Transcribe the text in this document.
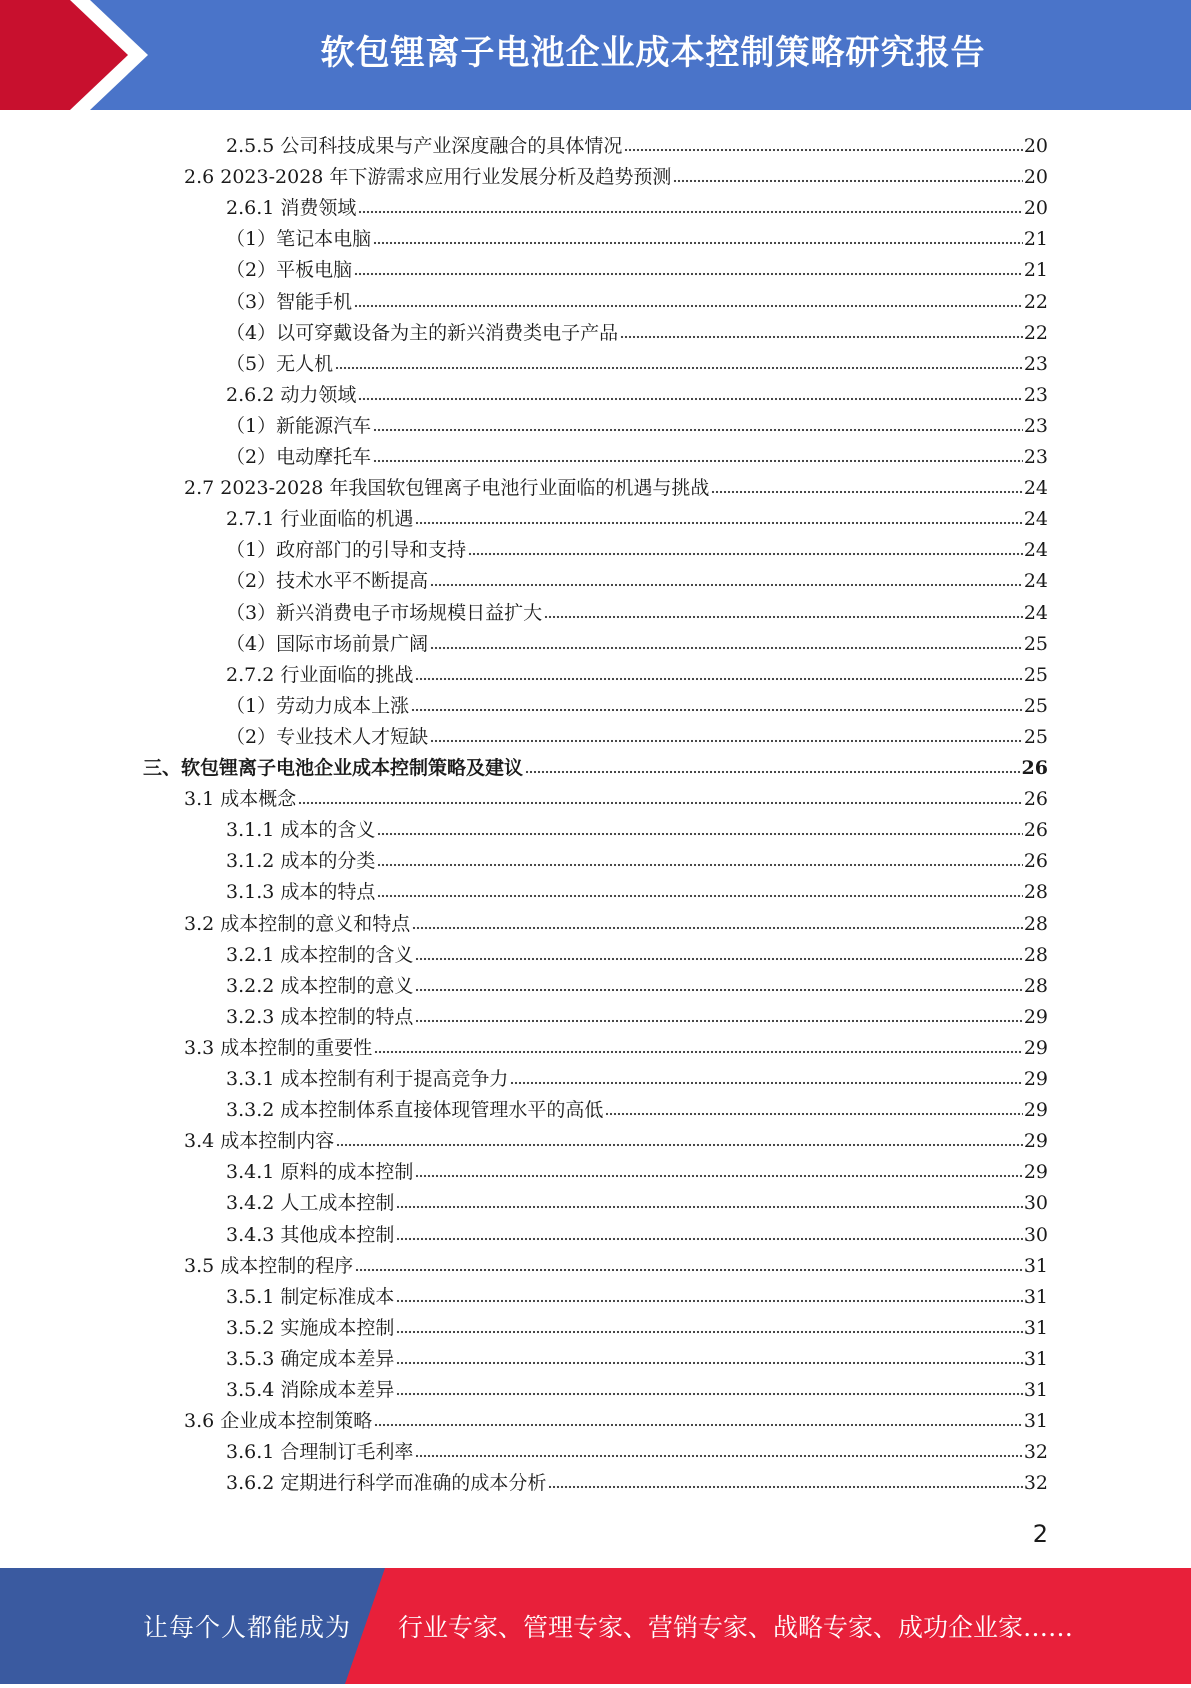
软包锂离子电池企业成本控制策略研究报告
2.5.5 公司科技成果与产业深度融合的具体情况	20
2.6 2023-2028 年下游需求应用行业发展分析及趋势预测	20
2.6.1 消费领域	20
（1）笔记本电脑	21
（2）平板电脑	21
（3）智能手机	22
（4）以可穿戴设备为主的新兴消费类电子产品	22
（5）无人机	23
2.6.2 动力领域	23
（1）新能源汽车	23
（2）电动摩托车	23
2.7 2023-2028 年我国软包锂离子电池行业面临的机遇与挑战	24
2.7.1 行业面临的机遇	24
（1）政府部门的引导和支持	24
（2）技术水平不断提高	24
（3）新兴消费电子市场规模日益扩大	24
（4）国际市场前景广阔	25
2.7.2 行业面临的挑战	25
（1）劳动力成本上涨	25
（2）专业技术人才短缺	25
三、软包锂离子电池企业成本控制策略及建议	26
3.1 成本概念	26
3.1.1 成本的含义	26
3.1.2 成本的分类	26
3.1.3 成本的特点	28
3.2 成本控制的意义和特点	28
3.2.1 成本控制的含义	28
3.2.2 成本控制的意义	28
3.2.3 成本控制的特点	29
3.3 成本控制的重要性	29
3.3.1 成本控制有利于提高竞争力	29
3.3.2 成本控制体系直接体现管理水平的高低	29
3.4 成本控制内容	29
3.4.1 原料的成本控制	29
3.4.2 人工成本控制	30
3.4.3 其他成本控制	30
3.5 成本控制的程序	31
3.5.1 制定标准成本	31
3.5.2 实施成本控制	31
3.5.3 确定成本差异	31
3.5.4 消除成本差异	31
3.6 企业成本控制策略	31
3.6.1 合理制订毛利率	32
3.6.2 定期进行科学而准确的成本分析	32
2
让每个人都能成为 行业专家、管理专家、营销专家、战略专家、成功企业家……
